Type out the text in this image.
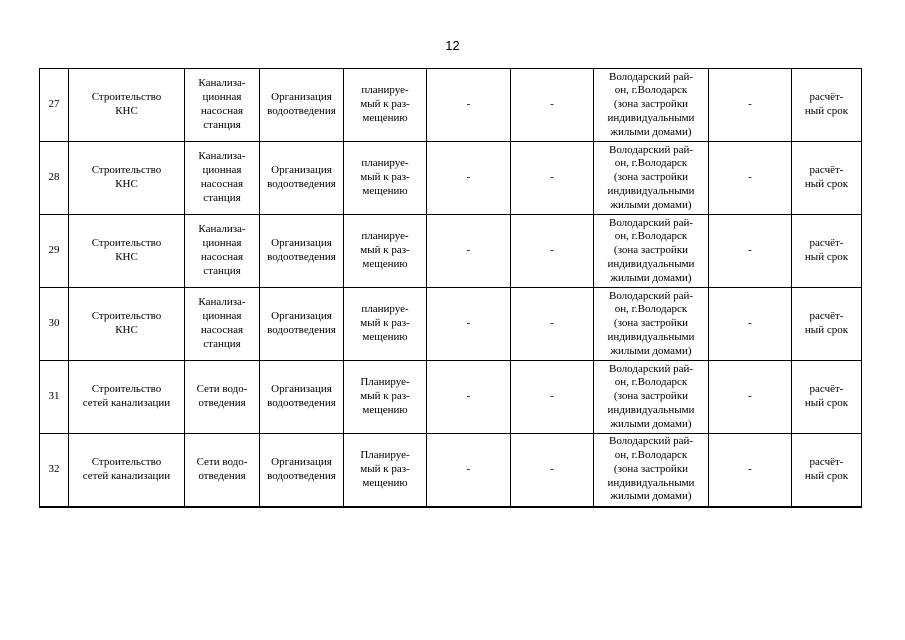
12
27	Строительство
КНС	Канализа-
ционная
насосная
станция	Организация
водоотведения	планируе-
мый к раз-
мещению	-	-	Володарский рай-
он, г.Володарск
(зона застройки
индивидуальными
жилыми домами)	-	расчёт-
ный срок
28	Строительство
КНС	Канализа-
ционная
насосная
станция	Организация
водоотведения	планируе-
мый к раз-
мещению	-	-	Володарский рай-
он, г.Володарск
(зона застройки
индивидуальными
жилыми домами)	-	расчёт-
ный срок
29	Строительство
КНС	Канализа-
ционная
насосная
станция	Организация
водоотведения	планируе-
мый к раз-
мещению	-	-	Володарский рай-
он, г.Володарск
(зона застройки
индивидуальными
жилыми домами)	-	расчёт-
ный срок
30	Строительство
КНС	Канализа-
ционная
насосная
станция	Организация
водоотведения	планируе-
мый к раз-
мещению	-	-	Володарский рай-
он, г.Володарск
(зона застройки
индивидуальными
жилыми домами)	-	расчёт-
ный срок
31	Строительство
сетей канализации	Сети водо-
отведения	Организация
водоотведения	Планируе-
мый к раз-
мещению	-	-	Володарский рай-
он, г.Володарск
(зона застройки
индивидуальными
жилыми домами)	-	расчёт-
ный срок
32	Строительство
сетей канализации	Сети водо-
отведения	Организация
водоотведения	Планируе-
мый к раз-
мещению	-	-	Володарский рай-
он, г.Володарск
(зона застройки
индивидуальными
жилыми домами)	-	расчёт-
ный срок
